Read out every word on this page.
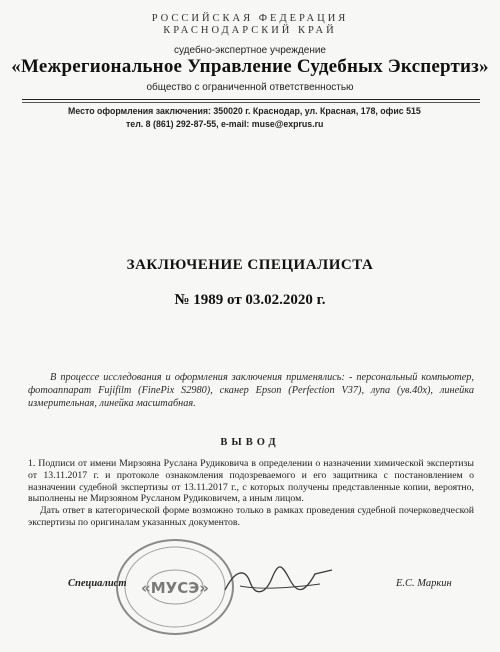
РОССИЙСКАЯ ФЕДЕРАЦИЯ
КРАСНОДАРСКИЙ КРАЙ
судебно-экспертное учреждение
«Межрегиональное Управление Судебных Экспертиз»
общество с ограниченной ответственностью
Место оформления заключения: 350020 г. Краснодар, ул. Красная, 178, офис 515
тел. 8 (861) 292-87-55, e-mail: muse@exprus.ru
ЗАКЛЮЧЕНИЕ СПЕЦИАЛИСТА
№ 1989 от 03.02.2020 г.
В процессе исследования и оформления заключения применялись: - персональный компьютер, фотоаппарат Fujifilm (FinePix S2980), сканер Epson (Perfection V37), лупа (ув.40х), линейка измерительная, линейка масштабная.
ВЫВОД

1. Подписи от имени Мирзояна Руслана Рудиковича в определении о назначении химической экспертизы от 13.11.2017 г. и протоколе ознакомления подозреваемого и его защитника с постановлением о назначении судебной экспертизы от 13.11.2017 г., с которых получены представленные копии, вероятно, выполнены не Мирзояном Русланом Рудиковичем, а иным лицом.

Дать ответ в категорической форме возможно только в рамках проведения судебной почерковедческой экспертизы по оригиналам указанных документов.

«МУСЭ»
Специалист	Е.С. Маркин
